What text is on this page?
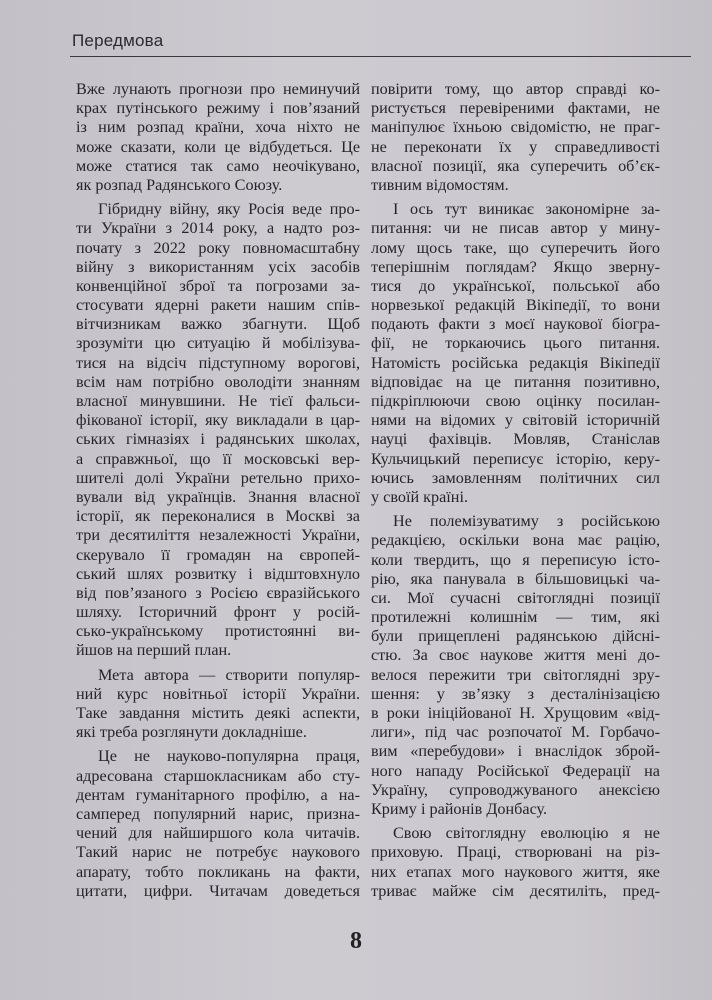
Передмова
Вже лунають прогнози про неминучий
крах путінського режиму і пов’язаний
із ним розпад країни, хоча ніхто не
може сказати, коли це відбудеться. Це
може статися так само неочікувано,
як розпад Радянського Союзу.
Гібридну війну, яку Росія веде про-
ти України з 2014 року, а надто роз-
почату з 2022 року повномасштабну
війну з використанням усіх засобів
конвенційної зброї та погрозами за-
стосувати ядерні ракети нашим спів-
вітчизникам важко збагнути. Щоб
зрозуміти цю ситуацію й мобілізува-
тися на відсіч підступному ворогові,
всім нам потрібно оволодіти знанням
власної минувшини. Не тієї фальси-
фікованої історії, яку викладали в цар-
ських гімназіях і радянських школах,
а справжньої, що її московські вер-
шителі долі України ретельно прихо-
вували від українців. Знання власної
історії, як переконалися в Москві за
три десятиліття незалежності України,
скерувало її громадян на європей-
ський шлях розвитку і відштовхнуло
від пов’язаного з Росією євразійського
шляху. Історичний фронт у росій-
сько-українському протистоянні ви-
йшов на перший план.
Мета автора — створити популяр-
ний курс новітньої історії України.
Таке завдання містить деякі аспекти,
які треба розглянути докладніше.
Це не науково-популярна праця,
адресована старшокласникам або сту-
дентам гуманітарного профілю, а на-
самперед популярний нарис, призна-
чений для найширшого кола читачів.
Такий нарис не потребує наукового
апарату, тобто покликань на факти,
цитати, цифри. Читачам доведеться
повірити тому, що автор справді ко-
ристується перевіреними фактами, не
маніпулює їхньою свідомістю, не праг-
не переконати їх у справедливості
власної позиції, яка суперечить об’єк-
тивним відомостям.
І ось тут виникає закономірне за-
питання: чи не писав автор у мину-
лому щось таке, що суперечить його
теперішнім поглядам? Якщо зверну-
тися до української, польської або
норвезької редакцій Вікіпедії, то вони
подають факти з моєї наукової біогра-
фії, не торкаючись цього питання.
Натомість російська редакція Вікіпедії
відповідає на це питання позитивно,
підкріплюючи свою оцінку посилан-
нями на відомих у світовій історичній
науці фахівців. Мовляв, Станіслав
Кульчицький переписує історію, керу-
ючись замовленням політичних сил
у своїй країні.
Не полемізуватиму з російською
редакцією, оскільки вона має рацію,
коли твердить, що я переписую істо-
рію, яка панувала в більшовицькі ча-
си. Мої сучасні світоглядні позиції
протилежні колишнім — тим, які
були прищеплені радянською дійсні-
стю. За своє наукове життя мені до-
велося пережити три світоглядні зру-
шення: у зв’язку з десталінізацією
в роки ініційованої Н. Хрущовим «від-
лиги», під час розпочатої М. Горбачо-
вим «перебудови» і внаслідок зброй-
ного нападу Російської Федерації на
Україну, супроводжуваного анексією
Криму і районів Донбасу.
Свою світоглядну еволюцію я не
приховую. Праці, створювані на різ-
них етапах мого наукового життя, яке
триває майже сім десятиліть, пред-
8
